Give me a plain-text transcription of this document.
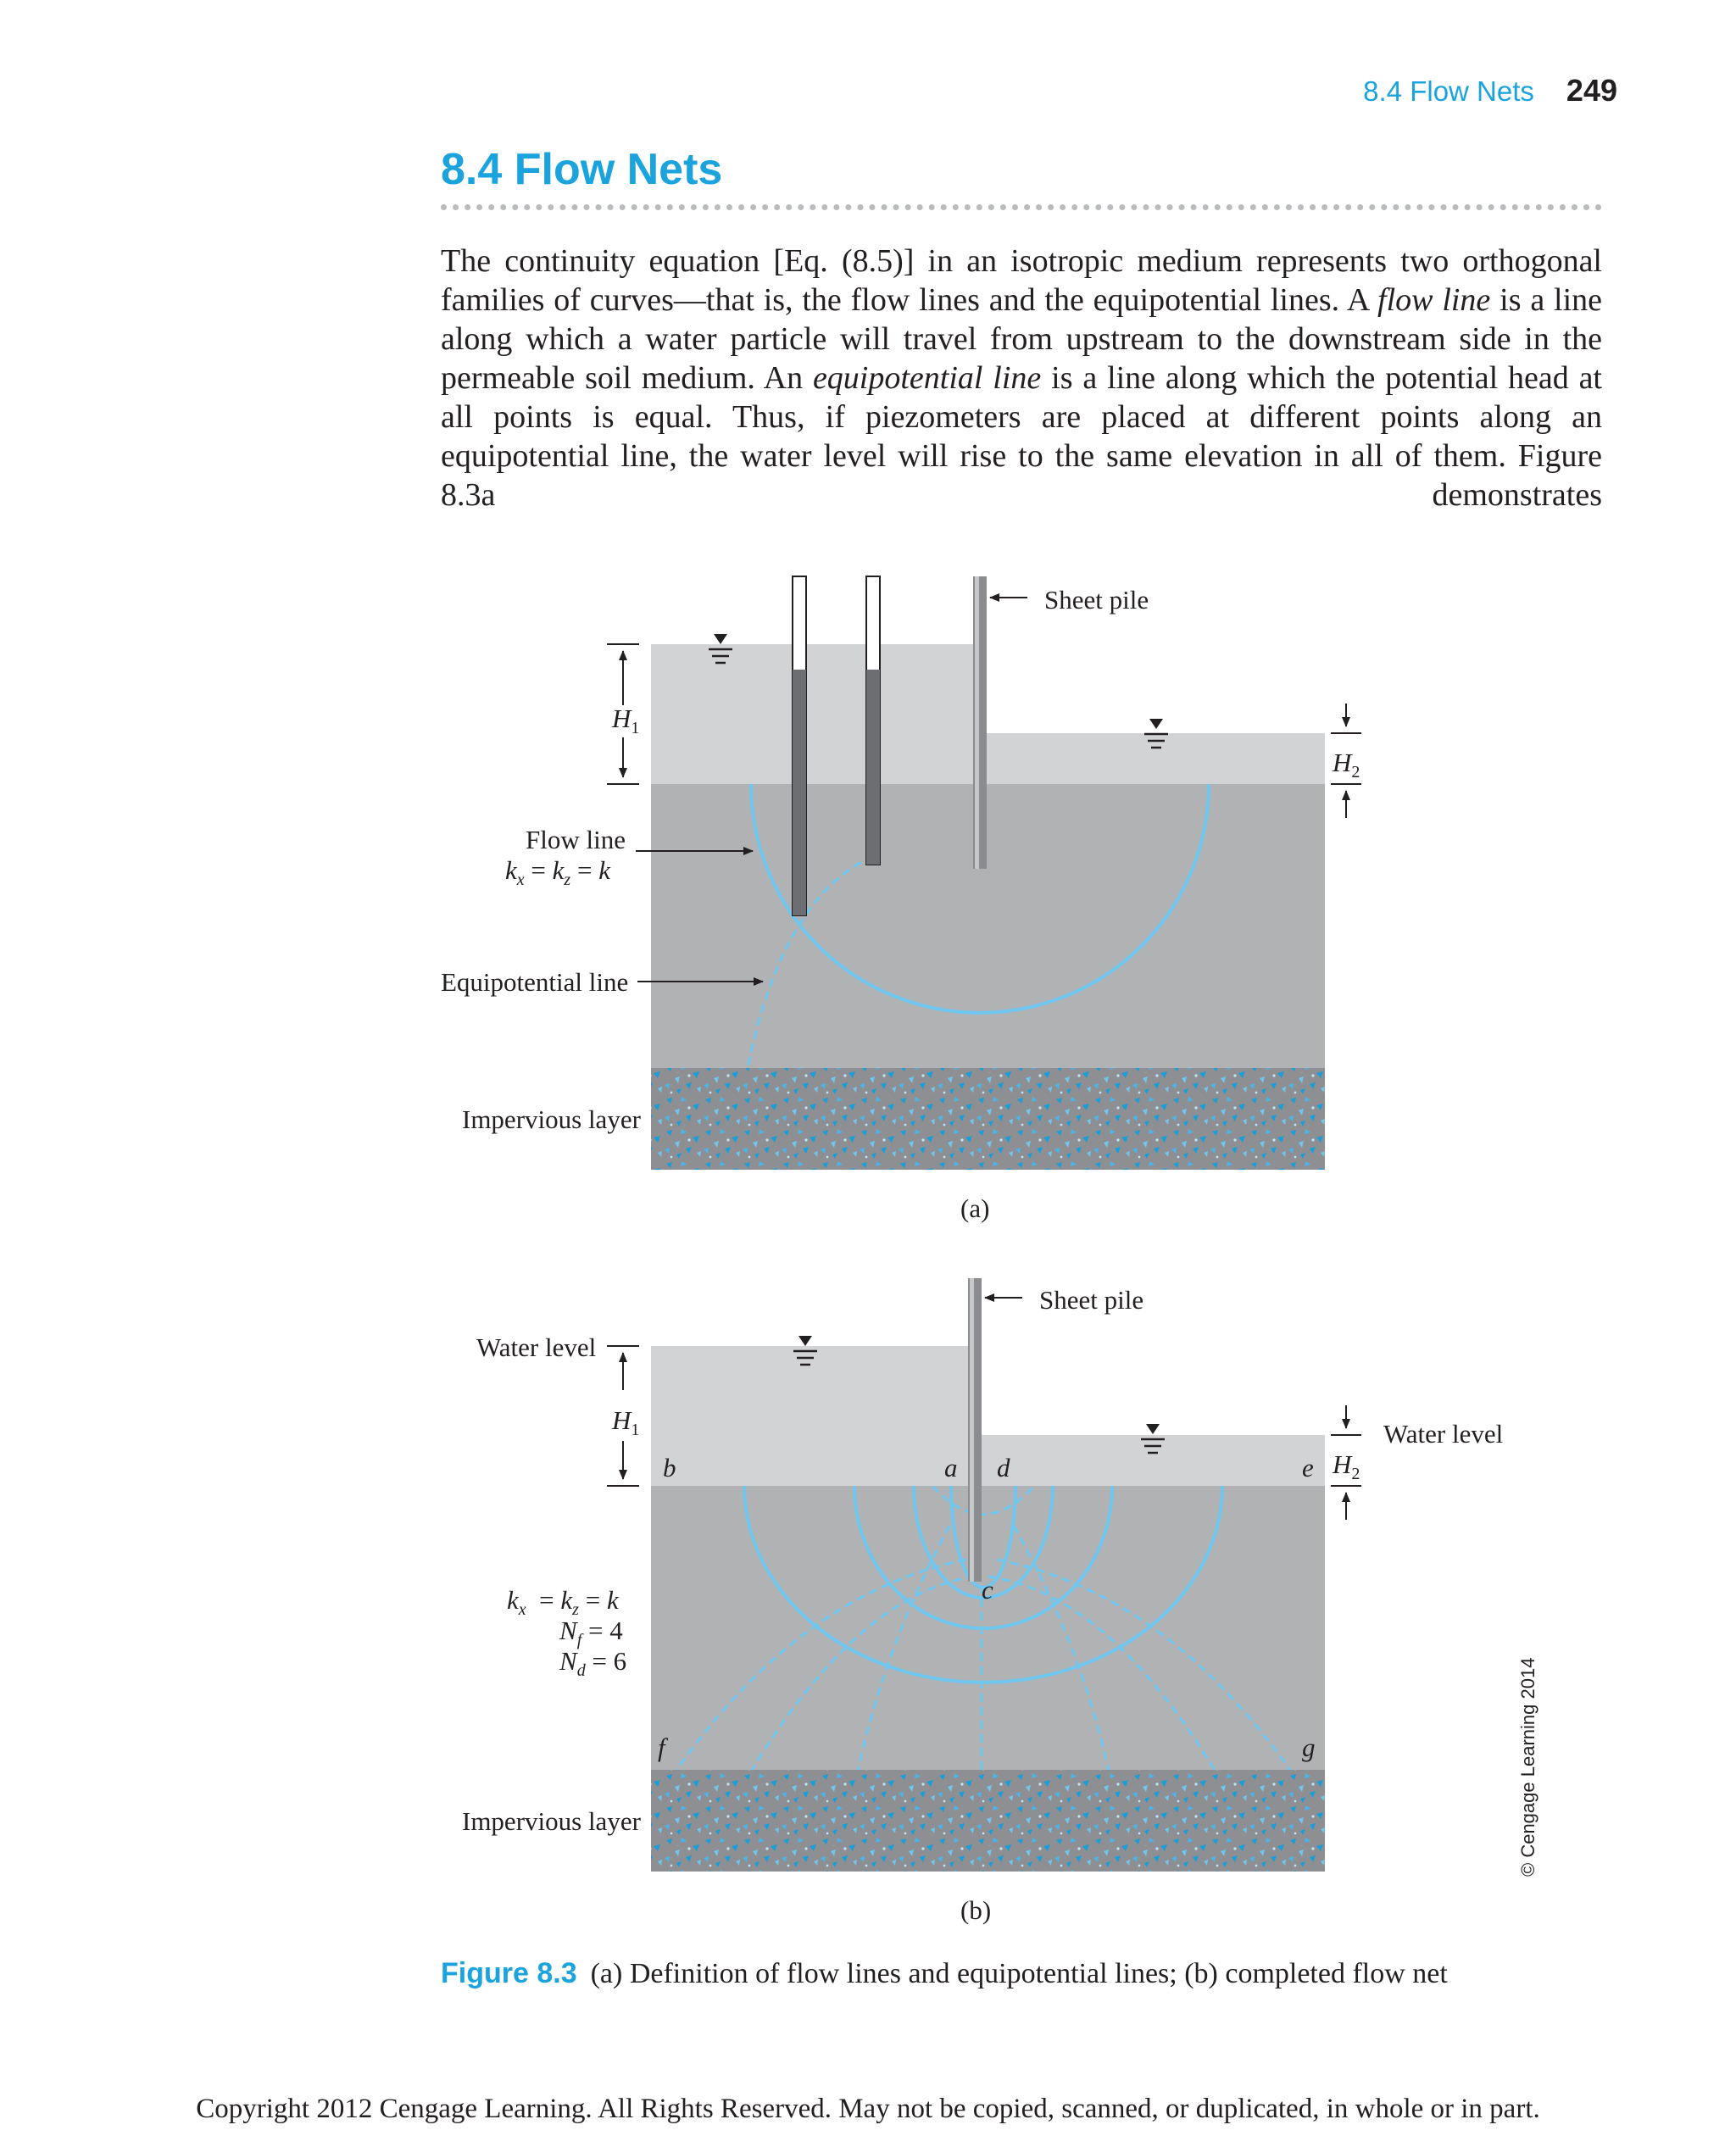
8.4 Flow Nets 249
8.4 Flow Nets

The continuity equation [Eq. (8.5)] in an isotropic medium represents two orthogonal families of curves—that is, the flow lines and the equipotential lines. A flow line is a line along which a water particle will travel from upstream to the downstream side in the permeable soil medium. An equipotential line is a line along which the potential head at all points is equal. Thus, if piezometers are placed at different points along an equipotential line, the water level will rise to the same elevation in all of them. Figure 8.3a demonstrates

Sheet pile
$H_1$
$H_2$
Flow line
$k_x = k_z = k$
Equipotential line
Impervious layer
(a)
Sheet pile
Water level
Water level
$H_1$
$H_2$
b	a d	e
c
f	g
$k_x = k_z = k$
$N_f = 4$
$N_d = 6$
Impervious layer
(b)
© Cengage Learning 2014
Figure 8.3 (a) Definition of flow lines and equipotential lines; (b) completed flow net
Copyright 2012 Cengage Learning. All Rights Reserved. May not be copied, scanned, or duplicated, in whole or in part.
